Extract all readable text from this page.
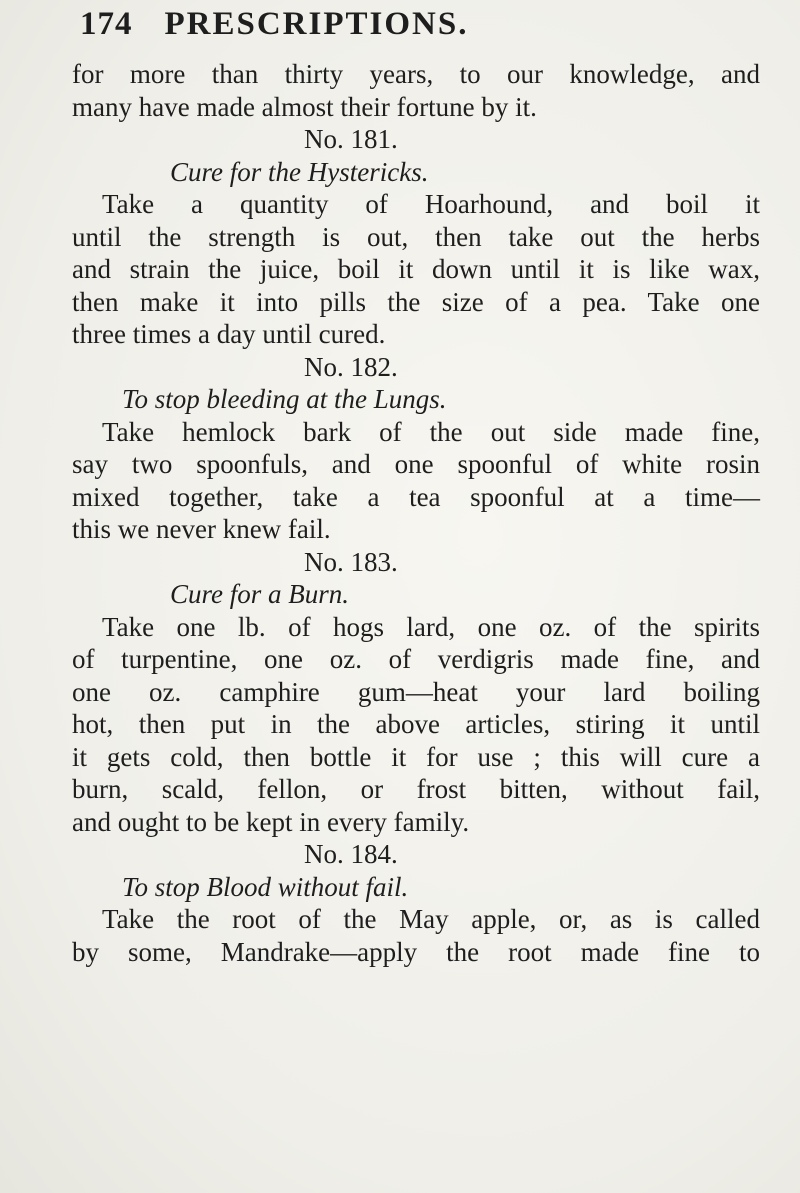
174 PRESCRIPTIONS.
for more than thirty years, to our knowledge, and
many have made almost their fortune by it.
No. 181.
Cure for the Hystericks.
Take a quantity of Hoarhound, and boil it
until the strength is out, then take out the herbs
and strain the juice, boil it down until it is like wax,
then make it into pills the size of a pea. Take one
three times a day until cured.
No. 182.
To stop bleeding at the Lungs.
Take hemlock bark of the out side made fine,
say two spoonfuls, and one spoonful of white rosin
mixed together, take a tea spoonful at a time—
this we never knew fail.
No. 183.
Cure for a Burn.
Take one lb. of hogs lard, one oz. of the spirits
of turpentine, one oz. of verdigris made fine, and
one oz. camphire gum—heat your lard boiling
hot, then put in the above articles, stiring it until
it gets cold, then bottle it for use ; this will cure a
burn, scald, fellon, or frost bitten, without fail,
and ought to be kept in every family.
No. 184.
To stop Blood without fail.
Take the root of the May apple, or, as is called
by some, Mandrake—apply the root made fine to
